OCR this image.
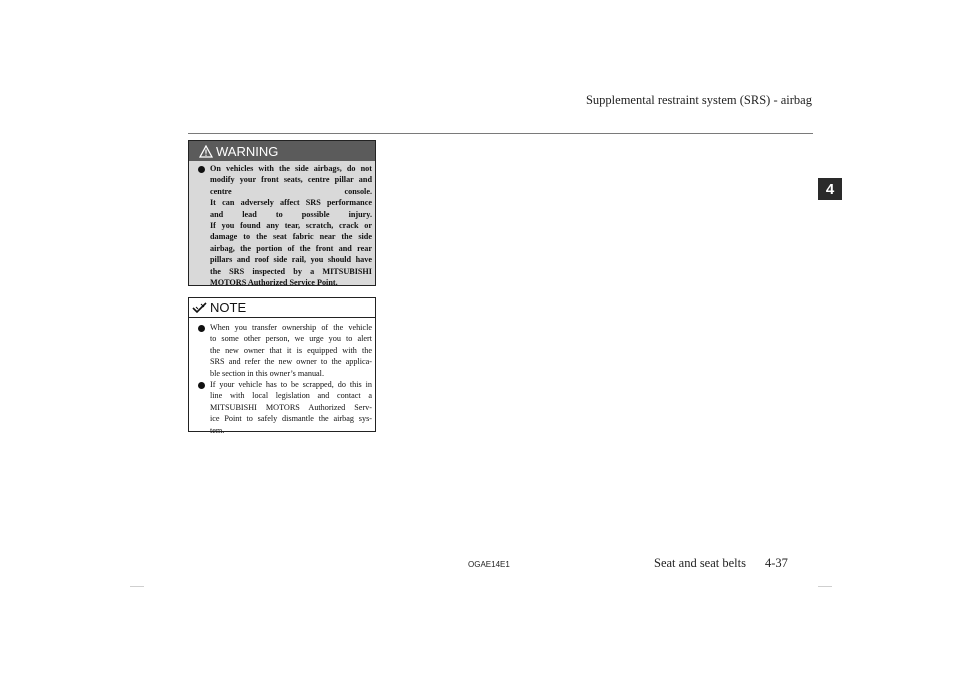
Supplemental restraint system (SRS) - airbag
4
WARNING
On vehicles with the side airbags, do not
modify your front seats, centre pillar and
centre console.
It can adversely affect SRS performance
and lead to possible injury.
If you found any tear, scratch, crack or
damage to the seat fabric near the side
airbag, the portion of the front and rear
pillars and roof side rail, you should have
the SRS inspected by a MITSUBISHI
MOTORS Authorized Service Point.
NOTE
When you transfer ownership of the vehicle
to some other person, we urge you to alert
the new owner that it is equipped with the
SRS and refer the new owner to the applica-
ble section in this owner’s manual.
If your vehicle has to be scrapped, do this in
line with local legislation and contact a
MITSUBISHI MOTORS Authorized Serv-
ice Point to safely dismantle the airbag sys-
tem.
OGAE14E1	Seat and seat belts 4-37
